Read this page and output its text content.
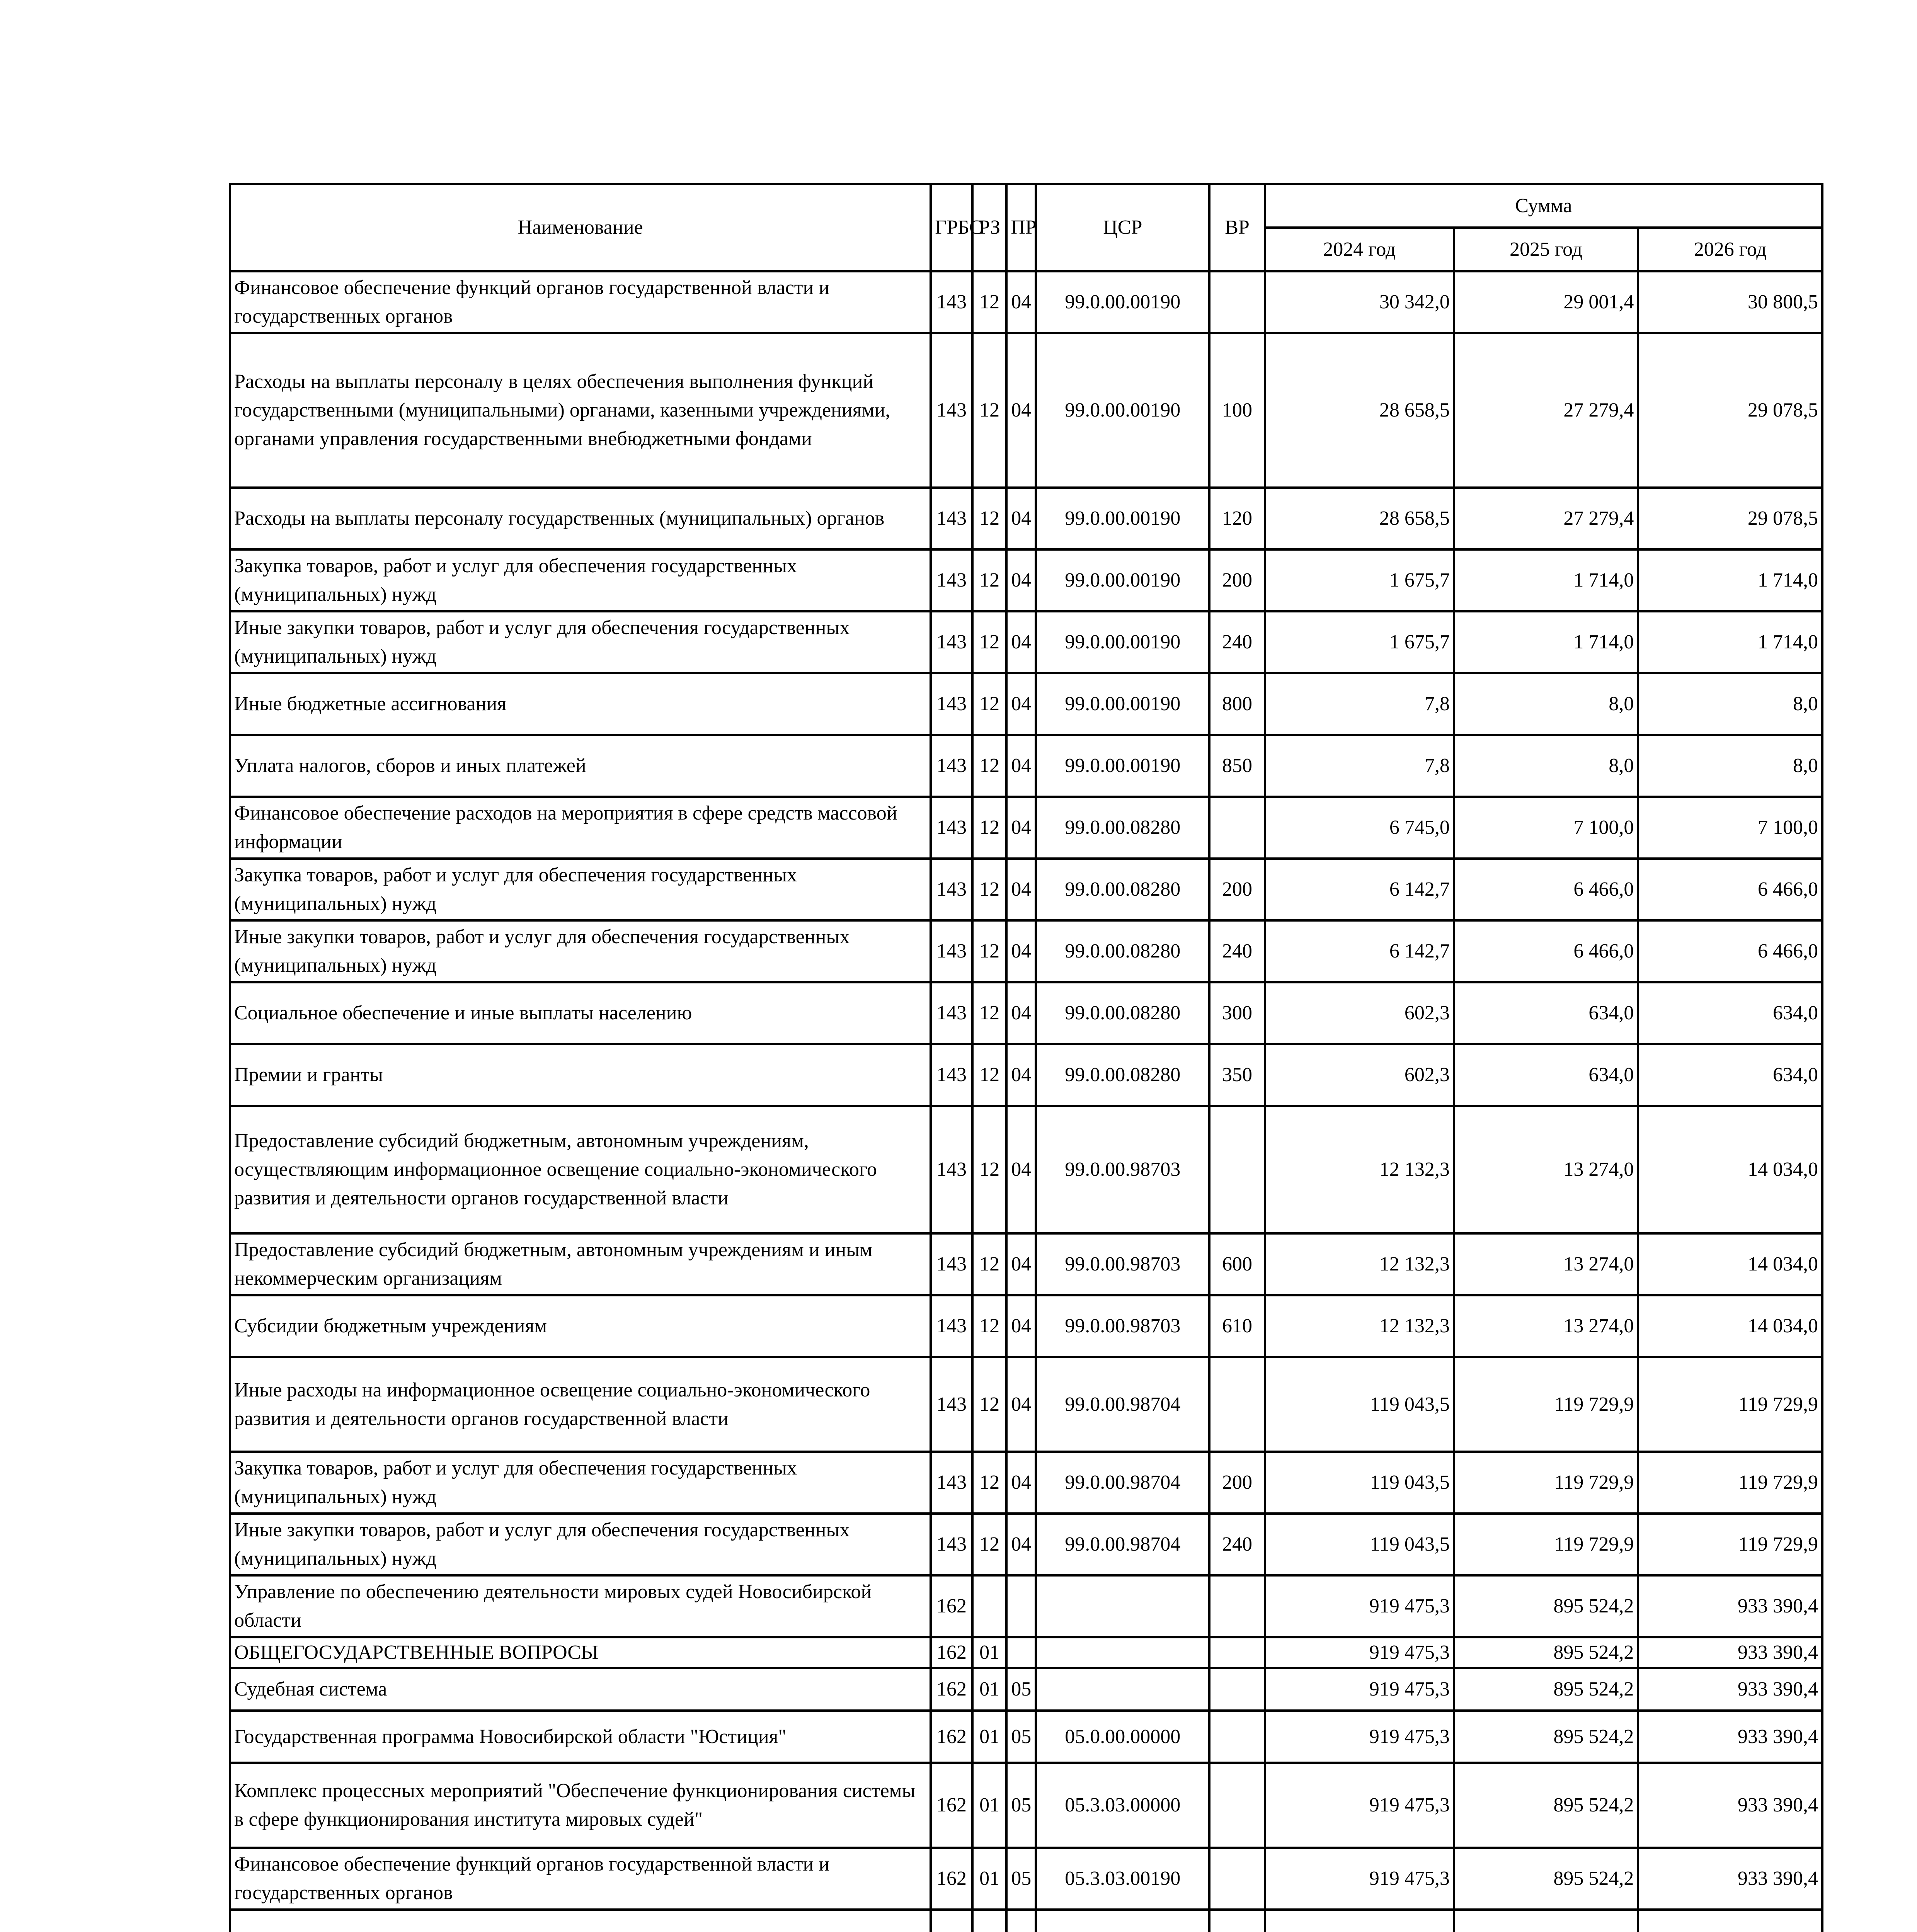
Наименование	ГРБС	РЗ	ПР	ЦСР	ВР	Сумма		
						2024 год	2025 год	2026 год
Финансовое обеспечение функций органов государственной власти и государственных органов	143	12	04	99.0.00.00190		30 342,0	29 001,4	30 800,5
Расходы на выплаты персоналу в целях обеспечения выполнения функций государственными (муниципальными) органами, казенными учреждениями, органами управления государственными внебюджетными фондами	143	12	04	99.0.00.00190	100	28 658,5	27 279,4	29 078,5
Расходы на выплаты персоналу государственных (муниципальных) органов	143	12	04	99.0.00.00190	120	28 658,5	27 279,4	29 078,5
Закупка товаров, работ и услуг для обеспечения государственных (муниципальных) нужд	143	12	04	99.0.00.00190	200	1 675,7	1 714,0	1 714,0
Иные закупки товаров, работ и услуг для обеспечения государственных (муниципальных) нужд	143	12	04	99.0.00.00190	240	1 675,7	1 714,0	1 714,0
Иные бюджетные ассигнования	143	12	04	99.0.00.00190	800	7,8	8,0	8,0
Уплата налогов, сборов и иных платежей	143	12	04	99.0.00.00190	850	7,8	8,0	8,0
Финансовое обеспечение расходов на мероприятия в сфере средств массовой информации	143	12	04	99.0.00.08280		6 745,0	7 100,0	7 100,0
Закупка товаров, работ и услуг для обеспечения государственных (муниципальных) нужд	143	12	04	99.0.00.08280	200	6 142,7	6 466,0	6 466,0
Иные закупки товаров, работ и услуг для обеспечения государственных (муниципальных) нужд	143	12	04	99.0.00.08280	240	6 142,7	6 466,0	6 466,0
Социальное обеспечение и иные выплаты населению	143	12	04	99.0.00.08280	300	602,3	634,0	634,0
Премии и гранты	143	12	04	99.0.00.08280	350	602,3	634,0	634,0
Предоставление субсидий бюджетным, автономным учреждениям, осуществляющим информационное освещение социально-экономического развития и деятельности органов государственной власти	143	12	04	99.0.00.98703		12 132,3	13 274,0	14 034,0
Предоставление субсидий бюджетным, автономным учреждениям и иным некоммерческим организациям	143	12	04	99.0.00.98703	600	12 132,3	13 274,0	14 034,0
Субсидии бюджетным учреждениям	143	12	04	99.0.00.98703	610	12 132,3	13 274,0	14 034,0
Иные расходы на информационное освещение социально-экономического развития и деятельности органов государственной власти	143	12	04	99.0.00.98704		119 043,5	119 729,9	119 729,9
Закупка товаров, работ и услуг для обеспечения государственных (муниципальных) нужд	143	12	04	99.0.00.98704	200	119 043,5	119 729,9	119 729,9
Иные закупки товаров, работ и услуг для обеспечения государственных (муниципальных) нужд	143	12	04	99.0.00.98704	240	119 043,5	119 729,9	119 729,9
Управление по обеспечению деятельности мировых судей Новосибирской области	162					919 475,3	895 524,2	933 390,4
ОБЩЕГОСУДАРСТВЕННЫЕ ВОПРОСЫ	162	01				919 475,3	895 524,2	933 390,4
Судебная система	162	01	05			919 475,3	895 524,2	933 390,4
Государственная программа Новосибирской области "Юстиция"	162	01	05	05.0.00.00000		919 475,3	895 524,2	933 390,4
Комплекс процессных мероприятий "Обеспечение функционирования системы в сфере функционирования института мировых судей"	162	01	05	05.3.03.00000		919 475,3	895 524,2	933 390,4
Финансовое обеспечение функций органов государственной власти и государственных органов	162	01	05	05.3.03.00190		919 475,3	895 524,2	933 390,4
